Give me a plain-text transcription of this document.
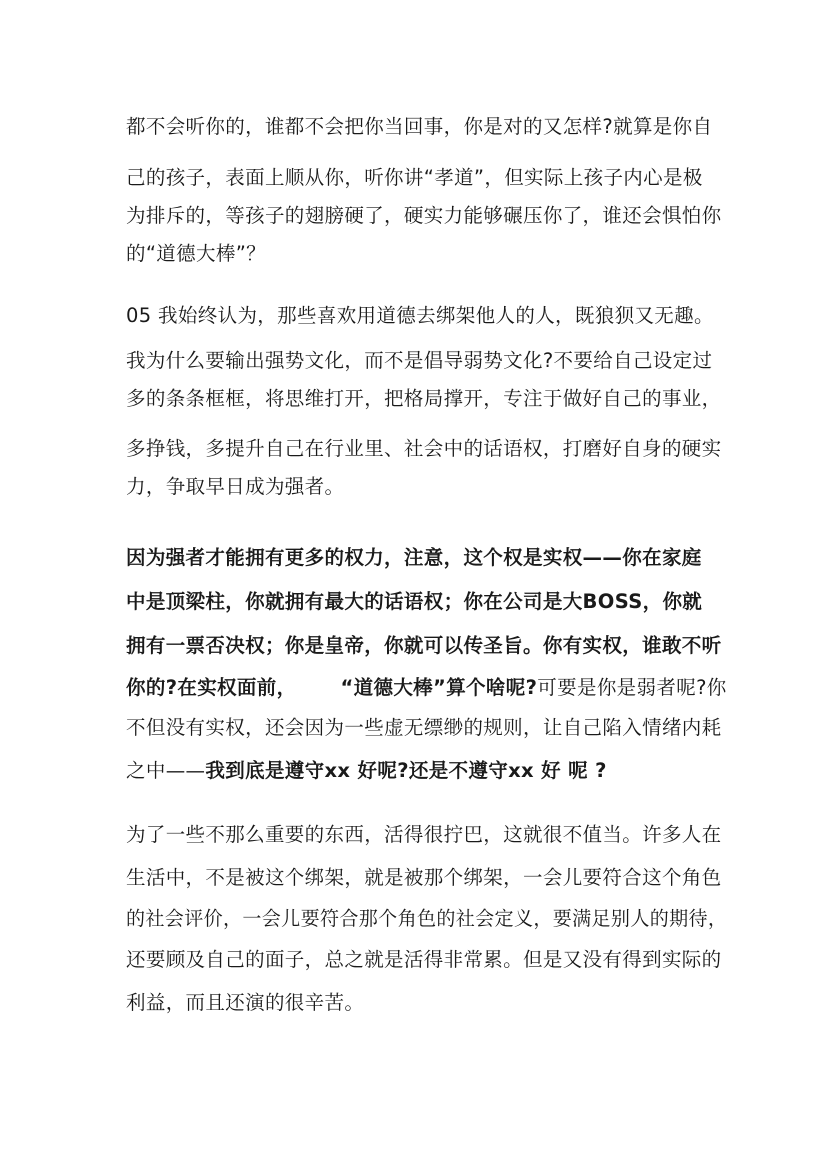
都不会听你的，谁都不会把你当回事，你是对的又怎样?就算是你自
己的孩子，表面上顺从你，听你讲“孝道”，但实际上孩子内心是极
为排斥的，等孩子的翅膀硬了，硬实力能够碾压你了，谁还会惧怕你
的“道德大棒”？
05 我始终认为，那些喜欢用道德去绑架他人的人，既狼狈又无趣。
我为什么要输出强势文化，而不是倡导弱势文化?不要给自己设定过
多的条条框框，将思维打开，把格局撑开，专注于做好自己的事业，
多挣钱，多提升自己在行业里、社会中的话语权，打磨好自身的硬实
力，争取早日成为强者。
因为强者才能拥有更多的权力，注意，这个权是实权——你在家庭
中是顶梁柱，你就拥有最大的话语权；你在公司是大BOSS，你就
拥有一票否决权；你是皇帝，你就可以传圣旨。你有实权，谁敢不听
你的?在实权面前， “道德大棒”算个啥呢?可要是你是弱者呢?你
不但没有实权，还会因为一些虚无缥缈的规则，让自己陷入情绪内耗
之中——我到底是遵守xx 好呢?还是不遵守xx 好 呢 ?
为了一些不那么重要的东西，活得很拧巴，这就很不值当。许多人在
生活中，不是被这个绑架，就是被那个绑架，一会儿要符合这个角色
的社会评价，一会儿要符合那个角色的社会定义，要满足别人的期待，
还要顾及自己的面子，总之就是活得非常累。但是又没有得到实际的
利益，而且还演的很辛苦。
